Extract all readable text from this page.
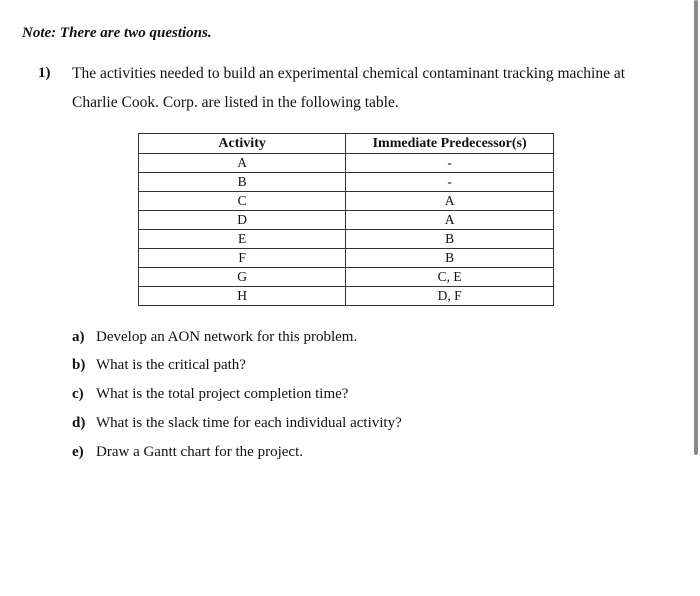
Note: There are two questions.
1) The activities needed to build an experimental chemical contaminant tracking machine at
Charlie Cook. Corp. are listed in the following table.
Activity	Immediate Predecessor(s)
A	-
B	-
C	A
D	A
E	B
F	B
G	C, E
H	D, F
a) Develop an AON network for this problem.
b) What is the critical path?
c) What is the total project completion time?
d) What is the slack time for each individual activity?
e) Draw a Gantt chart for the project.
